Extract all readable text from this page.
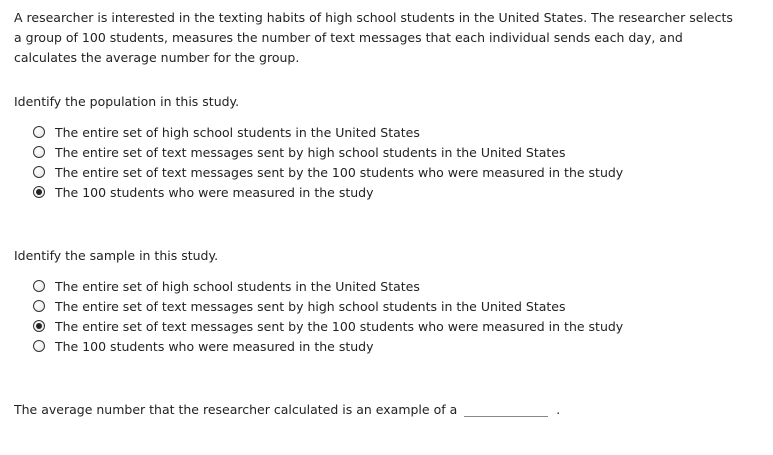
A researcher is interested in the texting habits of high school students in the United States. The researcher selects a group of 100 students, measures the number of text messages that each individual sends each day, and calculates the average number for the group.

Identify the population in this study.

The entire set of high school students in the United States
The entire set of text messages sent by high school students in the United States
The entire set of text messages sent by the 100 students who were measured in the study
The 100 students who were measured in the study

Identify the sample in this study.

The entire set of high school students in the United States
The entire set of text messages sent by high school students in the United States
The entire set of text messages sent by the 100 students who were measured in the study
The 100 students who were measured in the study
The average number that the researcher calculated is an example of a	.
